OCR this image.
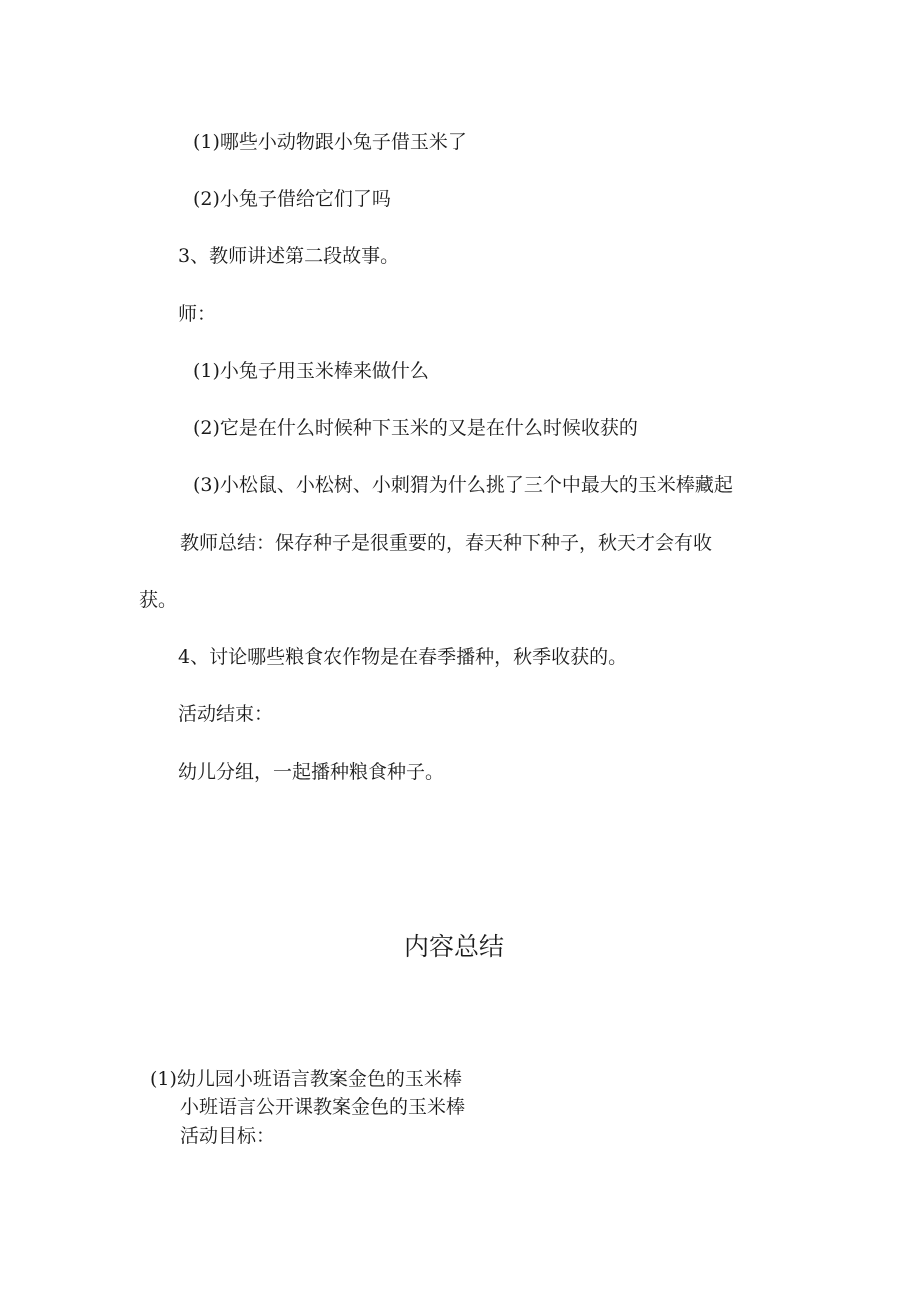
(1)哪些小动物跟小兔子借玉米了

(2)小兔子借给它们了吗

3、教师讲述第二段故事。

师：

(1)小兔子用玉米棒来做什么

(2)它是在什么时候种下玉米的又是在什么时候收获的

(3)小松鼠、小松树、小刺猬为什么挑了三个中最大的玉米棒藏起

教师总结：保存种子是很重要的，春天种下种子，秋天才会有收

获。

4、讨论哪些粮食农作物是在春季播种，秋季收获的。

活动结束：

幼儿分组，一起播种粮食种子。

内容总结

(1)幼儿园小班语言教案金色的玉米棒

小班语言公开课教案金色的玉米棒

活动目标：
